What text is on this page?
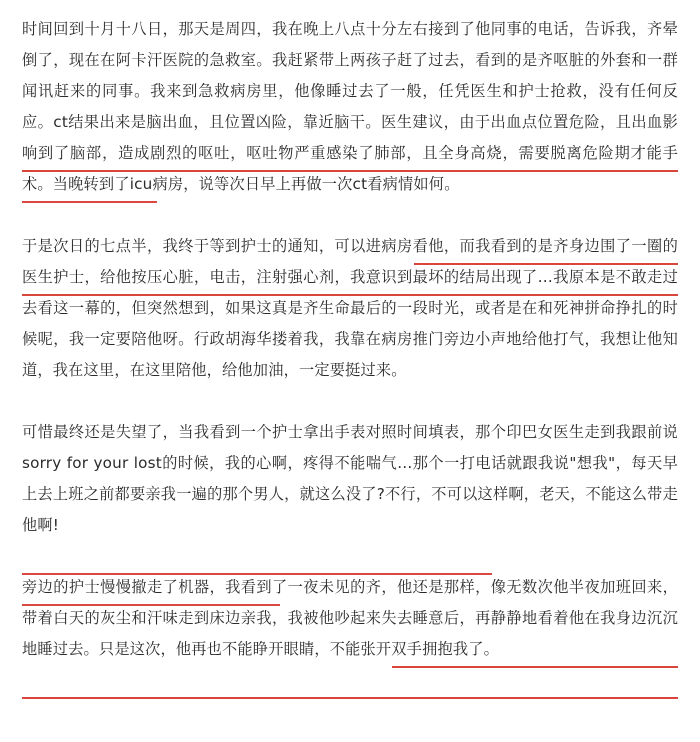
时间回到十月十八日，那天是周四，我在晚上八点十分左右接到了他同事的电话，告诉我，齐晕倒了，现在在阿卡汗医院的急救室。我赶紧带上两孩子赶了过去，看到的是齐呕脏的外套和一群闻讯赶来的同事。我来到急救病房里，他像睡过去了一般，任凭医生和护士抢救，没有任何反应。ct结果出来是脑出血，且位置凶险，靠近脑干。医生建议，由于出血点位置危险，且出血影响到了脑部，造成剧烈的呕吐，呕吐物严重感染了肺部，且全身高烧，需要脱离危险期才能手术。当晚转到了icu病房，说等次日早上再做一次ct看病情如何。

于是次日的七点半，我终于等到护士的通知，可以进病房看他，而我看到的是齐身边围了一圈的医生护士，给他按压心脏，电击，注射强心剂，我意识到最坏的结局出现了…我原本是不敢走过去看这一幕的，但突然想到，如果这真是齐生命最后的一段时光，或者是在和死神拼命挣扎的时候呢，我一定要陪他呀。行政胡海华搂着我，我靠在病房推门旁边小声地给他打气，我想让他知道，我在这里，在这里陪他，给他加油，一定要挺过来。

可惜最终还是失望了，当我看到一个护士拿出手表对照时间填表，那个印巴女医生走到我跟前说sorry for your lost的时候，我的心啊，疼得不能喘气…那个一打电话就跟我说"想我"，每天早上去上班之前都要亲我一遍的那个男人，就这么没了?不行，不可以这样啊，老天，不能这么带走他啊!

旁边的护士慢慢撤走了机器，我看到了一夜未见的齐，他还是那样，像无数次他半夜加班回来，带着白天的灰尘和汗味走到床边亲我，我被他吵起来失去睡意后，再静静地看着他在我身边沉沉地睡过去。只是这次，他再也不能睁开眼睛，不能张开双手拥抱我了。
